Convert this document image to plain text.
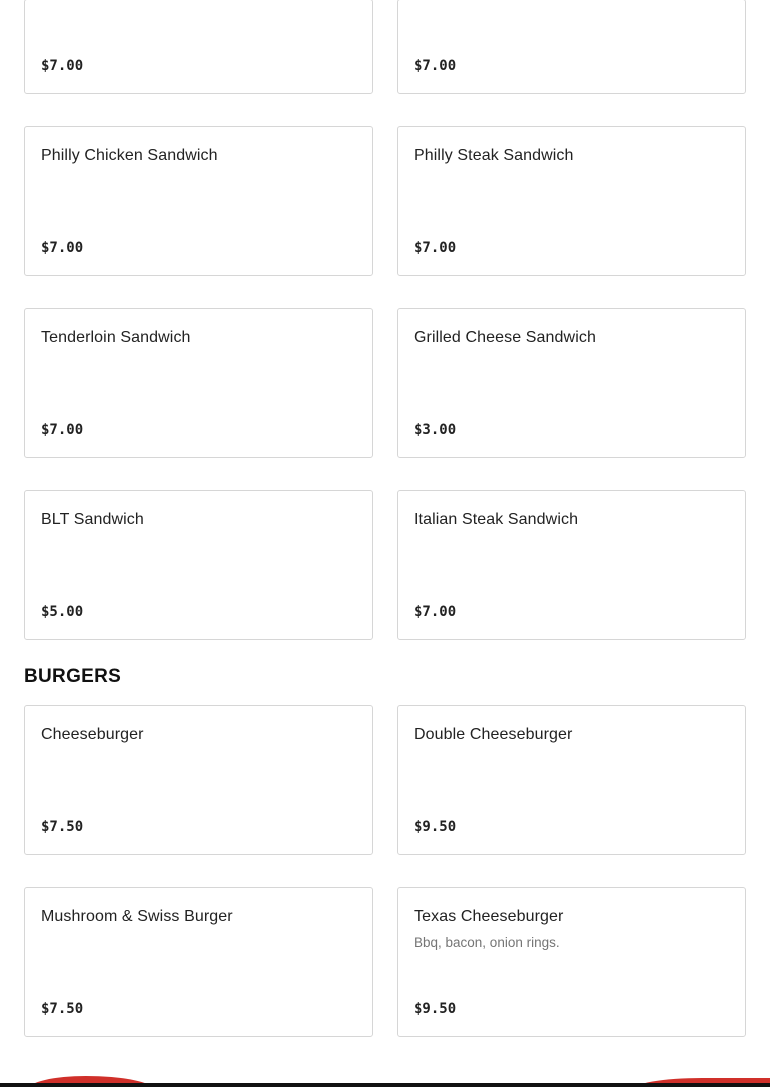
$7.00	$7.00
Philly Chicken Sandwich
$7.00
Philly Steak Sandwich
$7.00
Tenderloin Sandwich
$7.00
Grilled Cheese Sandwich
$3.00
BLT Sandwich
$5.00
Italian Steak Sandwich
$7.00
BURGERS
Cheeseburger
$7.50
Double Cheeseburger
$9.50
Mushroom & Swiss Burger
$7.50
Texas Cheeseburger
Bbq, bacon, onion rings.
$9.50
